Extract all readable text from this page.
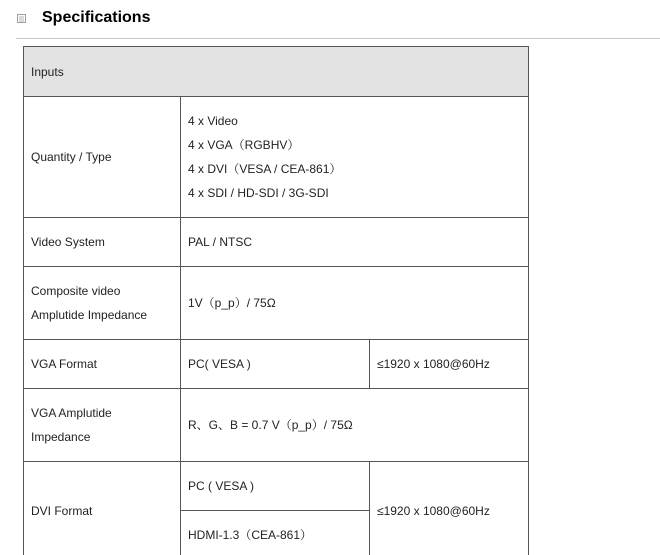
Specifications
Inputs		
Quantity / Type	4 x Video
4 x VGA（RGBHV）
4 x DVI（VESA / CEA-861）
4 x SDI / HD-SDI / 3G-SDI	

Video System	PAL / NTSC	

Composite video
Amplutide Impedance	1V（p_p）/ 75Ω	
VGA Format	PC( VESA )	≤1920 x 1080@60Hz

VGA Amplutide
Impedance	R、G、B = 0.7 V（p_p）/ 75Ω	
DVI Format	PC ( VESA )	≤1920 x 1080@60Hz
	HDMI-1.3（CEA-861）	
